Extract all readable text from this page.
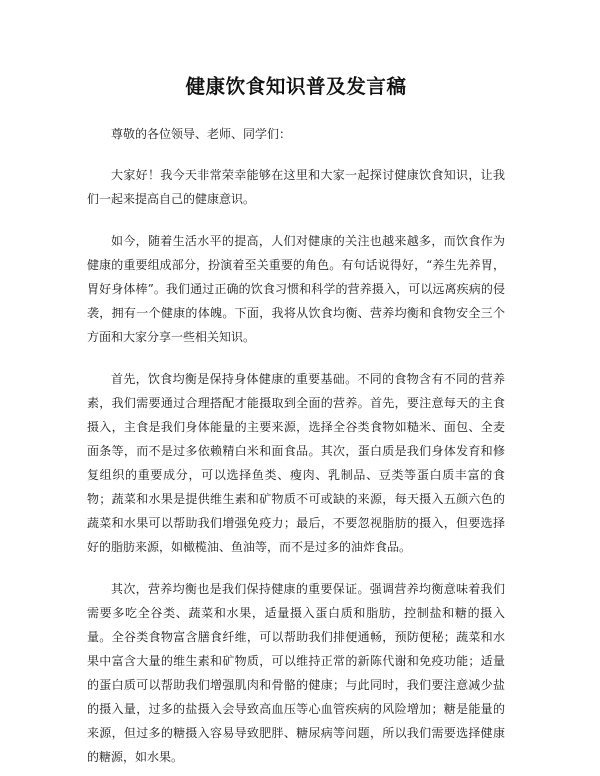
健康饮食知识普及发言稿

尊敬的各位领导、老师、同学们：

大家好！我今天非常荣幸能够在这里和大家一起探讨健康饮食知识，让我们一起来提高自己的健康意识。

如今，随着生活水平的提高，人们对健康的关注也越来越多，而饮食作为健康的重要组成部分，扮演着至关重要的角色。有句话说得好，“养生先养胃，胃好身体棒”。我们通过正确的饮食习惯和科学的营养摄入，可以远离疾病的侵袭，拥有一个健康的体魄。下面，我将从饮食均衡、营养均衡和食物安全三个方面和大家分享一些相关知识。

首先，饮食均衡是保持身体健康的重要基础。不同的食物含有不同的营养素，我们需要通过合理搭配才能摄取到全面的营养。首先，要注意每天的主食摄入，主食是我们身体能量的主要来源，选择全谷类食物如糙米、面包、全麦面条等，而不是过多依赖精白米和面食品。其次，蛋白质是我们身体发育和修复组织的重要成分，可以选择鱼类、瘦肉、乳制品、豆类等蛋白质丰富的食物；蔬菜和水果是提供维生素和矿物质不可或缺的来源，每天摄入五颜六色的蔬菜和水果可以帮助我们增强免疫力；最后，不要忽视脂肪的摄入，但要选择好的脂肪来源，如橄榄油、鱼油等，而不是过多的油炸食品。

其次，营养均衡也是我们保持健康的重要保证。强调营养均衡意味着我们需要多吃全谷类、蔬菜和水果，适量摄入蛋白质和脂肪，控制盐和糖的摄入量。全谷类食物富含膳食纤维，可以帮助我们排便通畅，预防便秘；蔬菜和水果中富含大量的维生素和矿物质，可以维持正常的新陈代谢和免疫功能；适量的蛋白质可以帮助我们增强肌肉和骨骼的健康；与此同时，我们要注意减少盐的摄入量，过多的盐摄入会导致高血压等心血管疾病的风险增加；糖是能量的来源，但过多的糖摄入容易导致肥胖、糖尿病等问题，所以我们需要选择健康的糖源，如水果。
